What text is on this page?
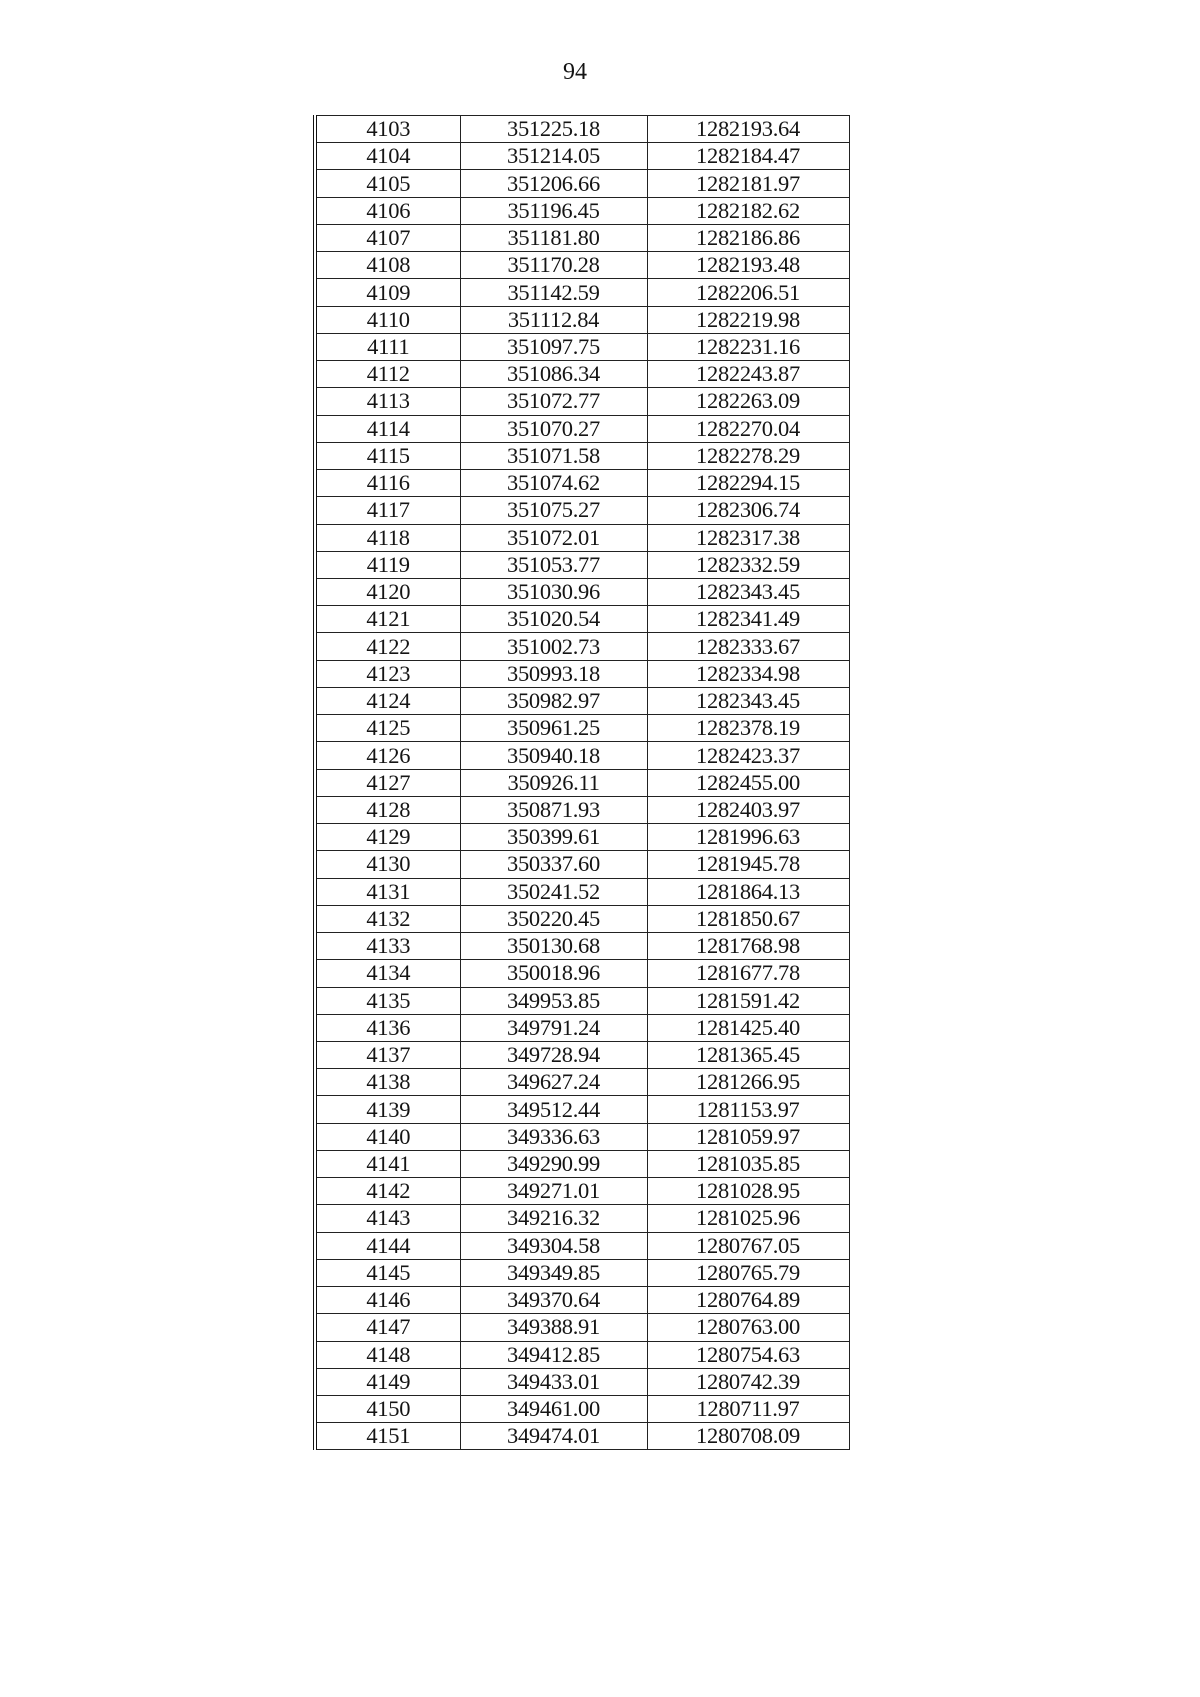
94
4103	351225.18	1282193.64
4104	351214.05	1282184.47
4105	351206.66	1282181.97
4106	351196.45	1282182.62
4107	351181.80	1282186.86
4108	351170.28	1282193.48
4109	351142.59	1282206.51
4110	351112.84	1282219.98
4111	351097.75	1282231.16
4112	351086.34	1282243.87
4113	351072.77	1282263.09
4114	351070.27	1282270.04
4115	351071.58	1282278.29
4116	351074.62	1282294.15
4117	351075.27	1282306.74
4118	351072.01	1282317.38
4119	351053.77	1282332.59
4120	351030.96	1282343.45
4121	351020.54	1282341.49
4122	351002.73	1282333.67
4123	350993.18	1282334.98
4124	350982.97	1282343.45
4125	350961.25	1282378.19
4126	350940.18	1282423.37
4127	350926.11	1282455.00
4128	350871.93	1282403.97
4129	350399.61	1281996.63
4130	350337.60	1281945.78
4131	350241.52	1281864.13
4132	350220.45	1281850.67
4133	350130.68	1281768.98
4134	350018.96	1281677.78
4135	349953.85	1281591.42
4136	349791.24	1281425.40
4137	349728.94	1281365.45
4138	349627.24	1281266.95
4139	349512.44	1281153.97
4140	349336.63	1281059.97
4141	349290.99	1281035.85
4142	349271.01	1281028.95
4143	349216.32	1281025.96
4144	349304.58	1280767.05
4145	349349.85	1280765.79
4146	349370.64	1280764.89
4147	349388.91	1280763.00
4148	349412.85	1280754.63
4149	349433.01	1280742.39
4150	349461.00	1280711.97
4151	349474.01	1280708.09
